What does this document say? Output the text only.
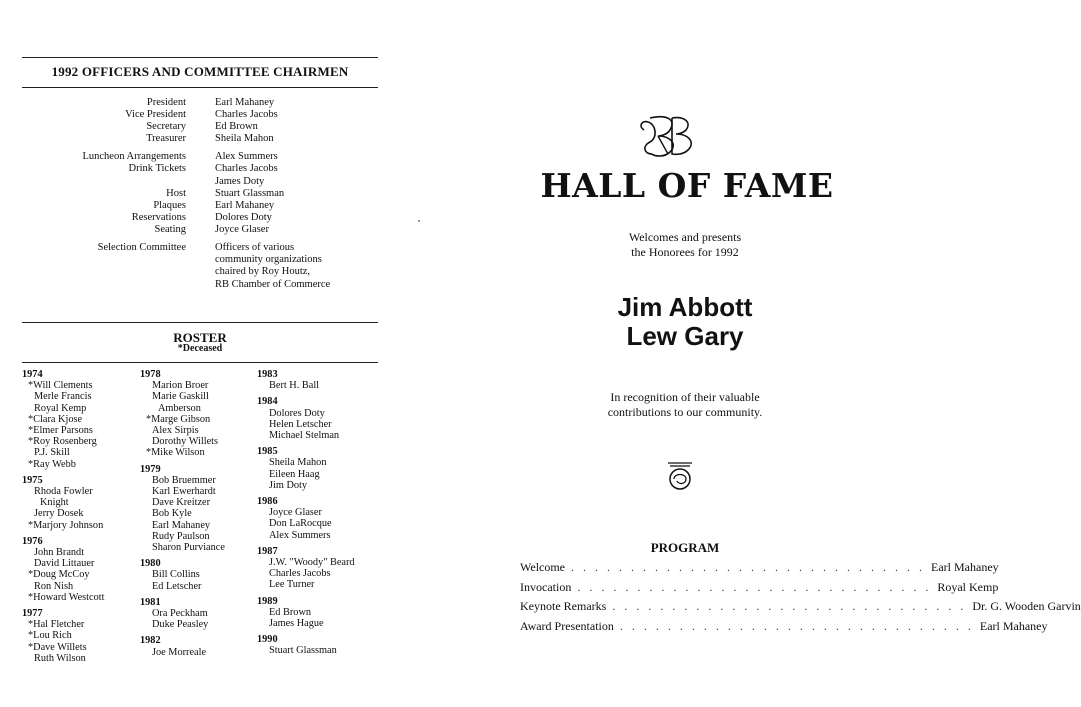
1992 OFFICERS AND COMMITTEE CHAIRMEN
President	Earl Mahaney
Vice President	Charles Jacobs
Secretary	Ed Brown
Treasurer	Sheila Mahon
Luncheon Arrangements	Alex Summers
Drink Tickets	Charles Jacobs
James Doty
Host	Stuart Glassman
Plaques	Earl Mahaney
Reservations	Dolores Doty
Seating	Joyce Glaser
Selection Committee	Officers of various
community organizations
chaired by Roy Houtz,
RB Chamber of Commerce
ROSTER
*Deceased
1974
*Will Clements
Merle Francis
Royal Kemp
*Clara Kjose
*Elmer Parsons
*Roy Rosenberg
P.J. Skill
*Ray Webb
1975
Rhoda Fowler
Knight
Jerry Dosek
*Marjory Johnson
1976
John Brandt
David Littauer
*Doug McCoy
Ron Nish
*Howard Westcott
1977
*Hal Fletcher
*Lou Rich
*Dave Willets
Ruth Wilson
1978
Marion Broer
Marie Gaskill
Amberson
*Marge Gibson
Alex Sirpis
Dorothy Willets
*Mike Wilson
1979
Bob Bruemmer
Karl Ewerhardt
Dave Kreitzer
Bob Kyle
Earl Mahaney
Rudy Paulson
Sharon Purviance
1980
Bill Collins
Ed Letscher
1981
Ora Peckham
Duke Peasley
1982
Joe Morreale
1983
Bert H. Ball
1984
Dolores Doty
Helen Letscher
Michael Stelman
1985
Sheila Mahon
Eileen Haag
Jim Doty
1986
Joyce Glaser
Don LaRocque
Alex Summers
1987
J.W. "Woody" Beard
Charles Jacobs
Lee Turner
1989
Ed Brown
James Hague
1990
Stuart Glassman
HALL OF FAME
Welcomes and presents
the Honorees for 1992
Jim Abbott
Lew Gary
In recognition of their valuable
contributions to our community.
PROGRAM
Welcome . . . . . . . . . . . . . . . . . . . . . . . . . . . . . . Earl Mahaney
Invocation . . . . . . . . . . . . . . . . . . . . . . . . . . . . . . Royal Kemp
Keynote Remarks . . . . . . . . . . . . . . . . . . . . . . . . . . . . . . Dr. G. Wooden Garvin
Award Presentation . . . . . . . . . . . . . . . . . . . . . . . . . . . . . . Earl Mahaney
